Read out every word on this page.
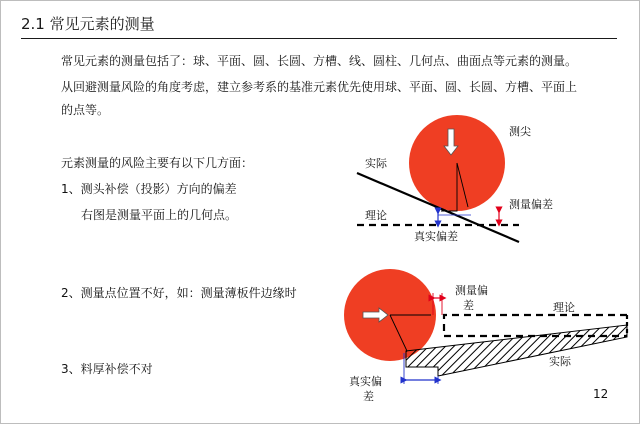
2.1 常见元素的测量
常见元素的测量包括了：球、平面、圆、长圆、方槽、线、圆柱、几何点、曲面点等元素的测量。
从回避测量风险的角度考虑，建立参考系的基准元素优先使用球、平面、圆、长圆、方槽、平面上
的点等。
元素测量的风险主要有以下几方面：
1、测头补偿（投影）方向的偏差
右图是测量平面上的几何点。
2、测量点位置不好，如：测量薄板件边缘时
3、料厚补偿不对
测尖
实际
测量偏差
理论
真实偏差
测量偏
差	理论
实际
真实偏
差	12
